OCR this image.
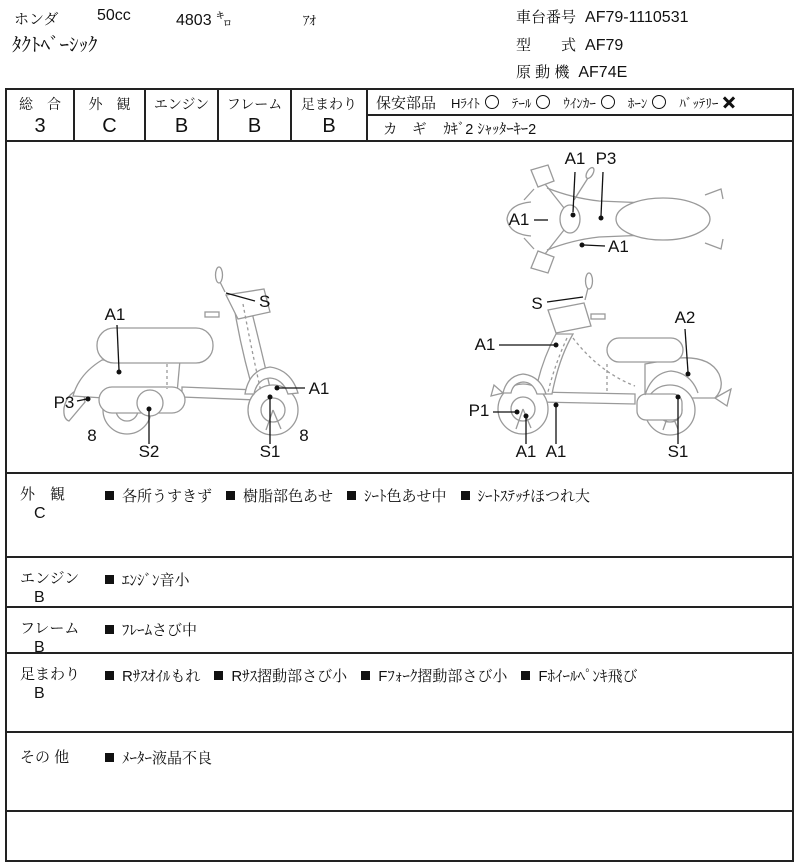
ホンダ 50cc	4803 ㌔	ｱｵ
ﾀｸﾄﾍﾞｰｼｯｸ
車台番号 AF79-1110531
型　　式 AF79
原 動 機 AF74E
総　合
3
外　観
C
エンジン
B
フレーム
B
足まわり
B
保安部品 Hﾗｲﾄ ﾃｰﾙ ｳｲﾝｶｰ ﾎｰﾝ ﾊﾞｯﾃﾘｰ
カ　ギ ｶｷﾞ2 ｼｬｯﾀｰｷｰ2
A1 P3
A1
A1
S
A1
P3
8
S2
A1
S1
8
S
A1
A2
P1
A1 A1	S1
外　観
C
各所うすきず 樹脂部色あせ ｼｰﾄ色あせ中 ｼｰﾄｽﾃｯﾁほつれ大
エンジン
B
ｴﾝｼﾞﾝ音小
フレーム
B
ﾌﾚｰﾑさび中
足まわり
B
Rｻｽｵｲﾙもれ Rｻｽ摺動部さび小 Fﾌｫｰｸ摺動部さび小 Fﾎｲｰﾙﾍﾟﾝｷ飛び
その 他	ﾒｰﾀｰ液晶不良
